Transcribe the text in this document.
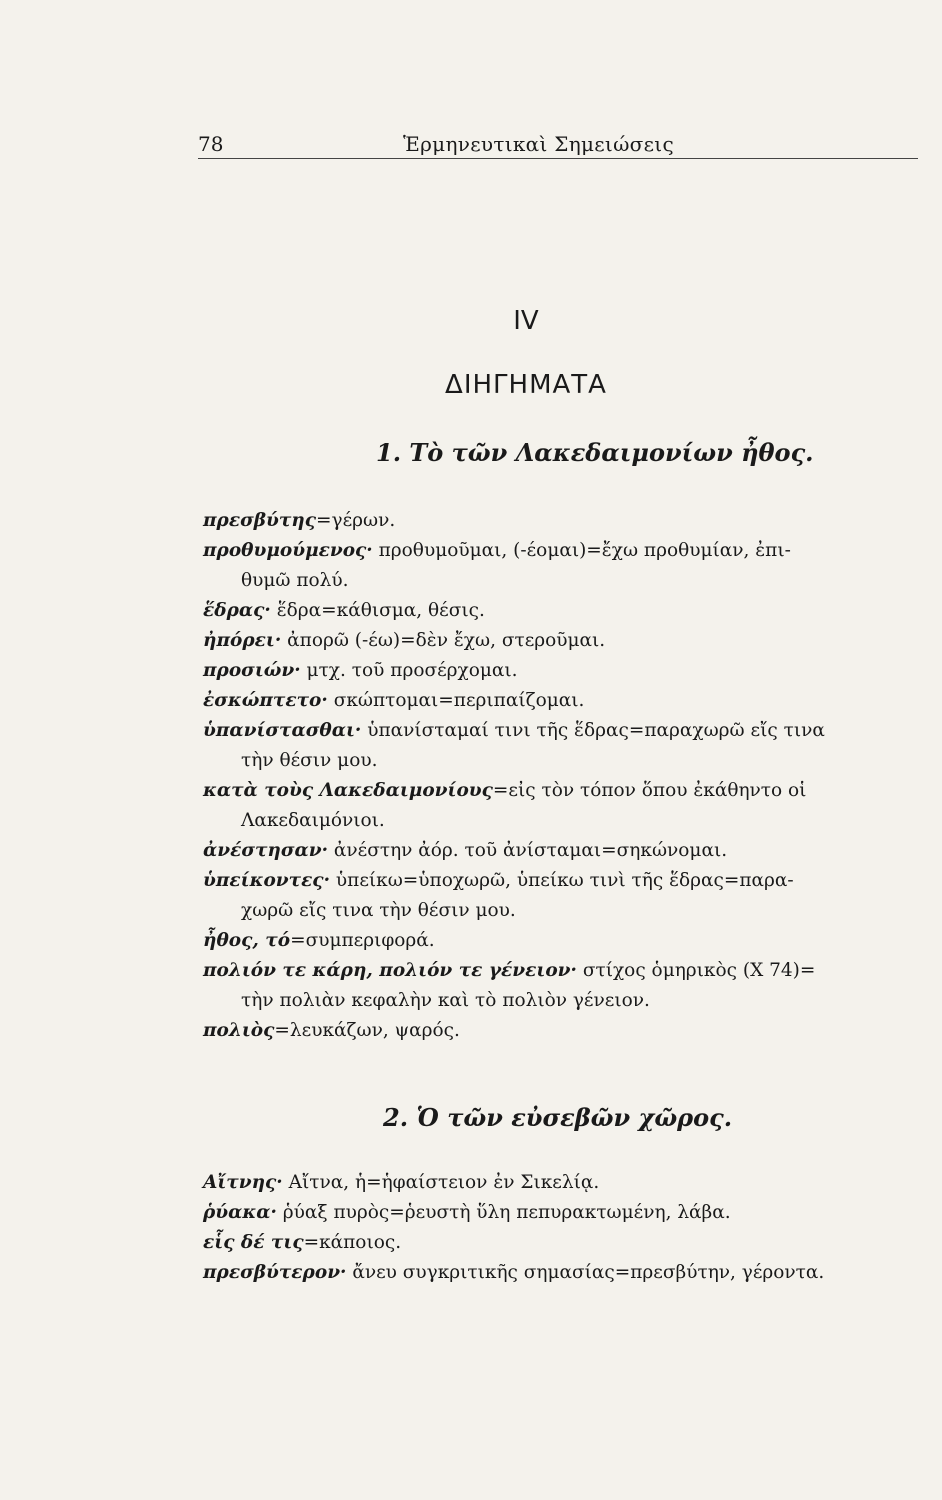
78	Ἑρμηνευτικαὶ Σημειώσεις
IV
ΔΙΗΓΗΜΑΤΑ
1. Τὸ τῶν Λακεδαιμονίων ἦθος.
πρεσβύτης=γέρων.
προθυμούμενος· προθυμοῦμαι, (-έομαι)=ἔχω προθυμίαν, ἐπι-
θυμῶ πολύ.
ἕδρας· ἕδρα=κάθισμα, θέσις.
ἠπόρει· ἀπορῶ (-έω)=δὲν ἔχω, στεροῦμαι.
προσιών· μτχ. τοῦ προσέρχομαι.
ἐσκώπτετο· σκώπτομαι=περιπαίζομαι.
ὑπανίστασθαι· ὑπανίσταμαί τινι τῆς ἕδρας=παραχωρῶ εἴς τινα
τὴν θέσιν μου.
κατὰ τοὺς Λακεδαιμονίους=εἰς τὸν τόπον ὅπου ἐκάθηντο οἱ
Λακεδαιμόνιοι.
ἀνέστησαν· ἀνέστην ἀόρ. τοῦ ἀνίσταμαι=σηκώνομαι.
ὑπείκοντες· ὑπείκω=ὑποχωρῶ, ὑπείκω τινὶ τῆς ἕδρας=παρα-
χωρῶ εἴς τινα τὴν θέσιν μου.
ἦθος, τό=συμπεριφορά.
πολιόν τε κάρη, πολιόν τε γένειον· στίχος ὁμηρικὸς (Χ 74)=
τὴν πολιὰν κεφαλὴν καὶ τὸ πολιὸν γένειον.
πολιὸς=λευκάζων, ψαρός.
2. Ὁ τῶν εὐσεβῶν χῶρος.
Αἴτνης· Αἴτνα, ἡ=ἡφαίστειον ἐν Σικελίᾳ.
ῥύακα· ῥύαξ πυρὸς=ῥευστὴ ὕλη πεπυρακτωμένη, λάβα.
εἷς δέ τις=κάποιος.
πρεσβύτερον· ἄνευ συγκριτικῆς σημασίας=πρεσβύτην, γέροντα.
